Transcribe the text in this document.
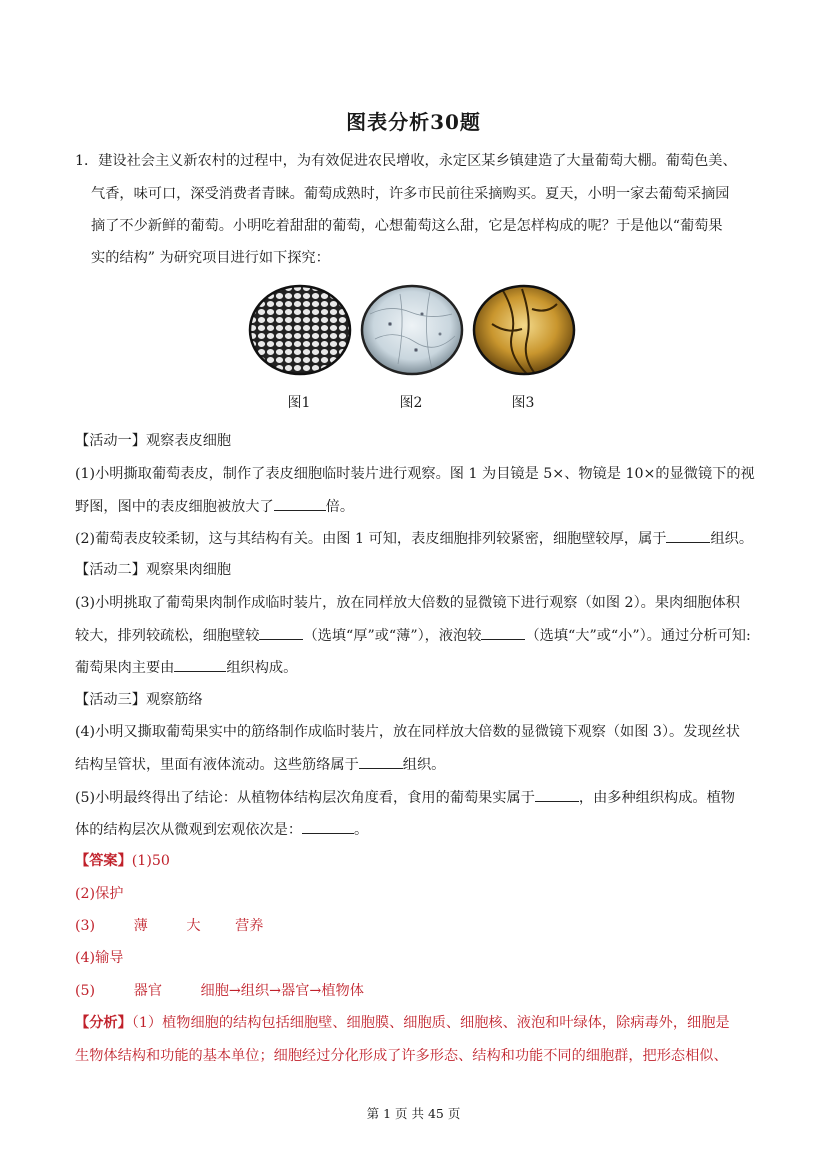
图表分析30题
1．建设社会主义新农村的过程中，为有效促进农民增收，永定区某乡镇建造了大量葡萄大棚。葡萄色美、
气香，味可口，深受消费者青睐。葡萄成熟时，许多市民前往采摘购买。夏天，小明一家去葡萄采摘园
摘了不少新鲜的葡萄。小明吃着甜甜的葡萄，心想葡萄这么甜，它是怎样构成的呢？于是他以“葡萄果
实的结构” 为研究项目进行如下探究：
图1	图2	图3
【活动一】观察表皮细胞
(1)小明撕取葡萄表皮，制作了表皮细胞临时装片进行观察。图 1 为目镜是 5×、物镜是 10×的显微镜下的视
野图，图中的表皮细胞被放大了	倍。
(2)葡萄表皮较柔韧，这与其结构有关。由图 1 可知，表皮细胞排列较紧密，细胞壁较厚，属于	组织。
【活动二】观察果肉细胞
(3)小明挑取了葡萄果肉制作成临时装片，放在同样放大倍数的显微镜下进行观察（如图 2）。果肉细胞体积
较大，排列较疏松，细胞壁较	（选填“厚”或“薄”），液泡较	（选填“大”或“小”）。通过分析可知:
葡萄果肉主要由	组织构成。
【活动三】观察筋络
(4)小明又撕取葡萄果实中的筋络制作成临时装片，放在同样放大倍数的显微镜下观察（如图 3）。发现丝状
结构呈管状，里面有液体流动。这些筋络属于	组织。
(5)小明最终得出了结论：从植物体结构层次角度看，食用的葡萄果实属于	，由多种组织构成。植物
体的结构层次从微观到宏观依次是：	。
【答案】(1)50
(2)保护
(3)	薄	大 营养
(4)输导
(5)	器官	细胞→组织→器官→植物体
【分析】（1）植物细胞的结构包括细胞壁、细胞膜、细胞质、细胞核、液泡和叶绿体，除病毒外，细胞是
生物体结构和功能的基本单位；细胞经过分化形成了许多形态、结构和功能不同的细胞群，把形态相似、
第 1 页 共 45 页
